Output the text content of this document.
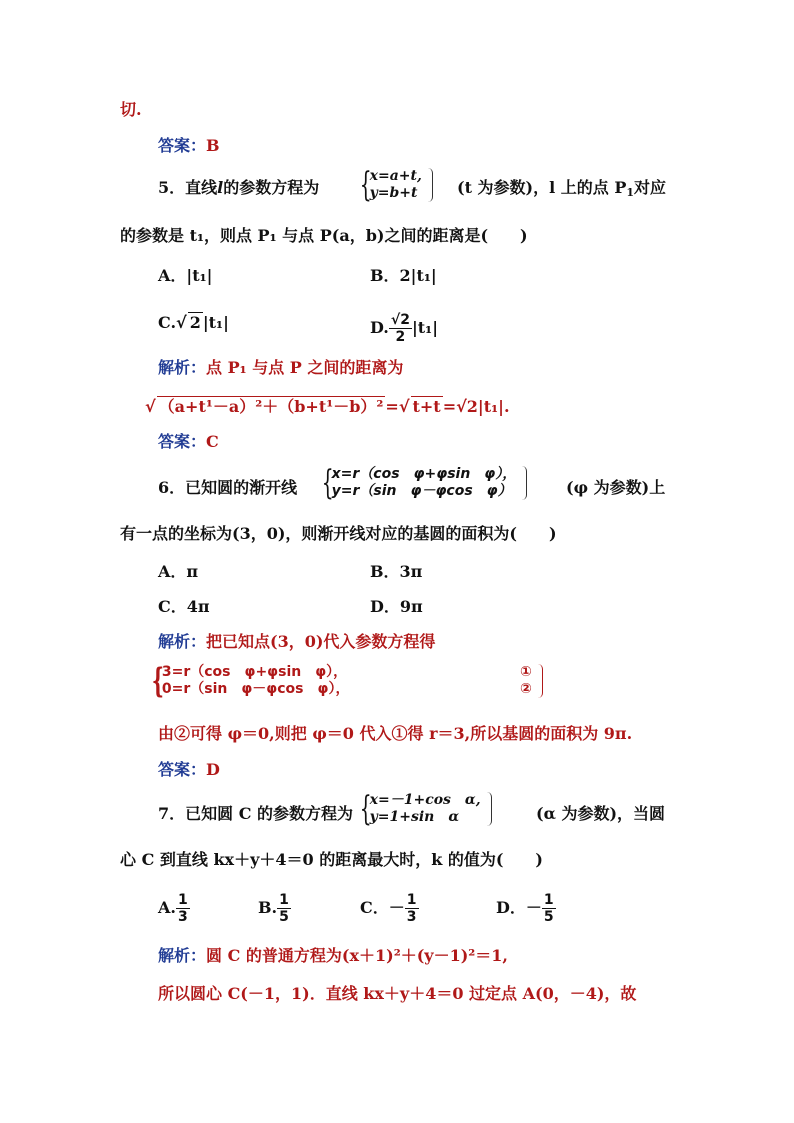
切.
答案：B
5．直线l的参数方程为 {
x=a+t,
y=b+t (t 为参数)，l 上的点 $P_1$对应
的参数是 t₁，则点 P₁ 与点 P(a，b)之间的距离是(　　)
A．|t₁|	B．2|t₁|
C.√ 2 |t₁|	D. $\frac{√2}{2} |t_1|$
解析：点 P₁ 与点 P 之间的距离为
√ （a+t¹－a）²＋（b+t¹－b）² =√ t+t =√2|t₁|.
答案：C
6．已知圆的渐开线 {
x=r（cos　φ+φsin　φ），
y=r（sin　φ－φcos　φ）	(φ 为参数)上
有一点的坐标为(3，0)，则渐开线对应的基圆的面积为(　　)
A．π	B．3π
C．4π	D．9π
解析：把已知点(3，0)代入参数方程得
{
3=r（cos　φ+φsin　φ），	①
0=r（sin　φ－φcos　φ），	②
由②可得 φ＝0,则把 φ＝0 代入①得 r＝3,所以基圆的面积为 9π.
答案：D
7．已知圆 C 的参数方程为 {
x=－1+cos　α,
y=1+sin　α	(α 为参数)，当圆
心 C 到直线 kx＋y＋4＝0 的距离最大时，k 的值为(　　)
A. $\frac{1}{3}$	B. $\frac{1}{5}$	C．－ $\frac{1}{3}$	D．－ $\frac{1}{5}$
解析：圆 C 的普通方程为(x＋1)²＋(y－1)²＝1,
所以圆心 C(－1，1)．直线 kx＋y＋4＝0 过定点 A(0，－4)，故
